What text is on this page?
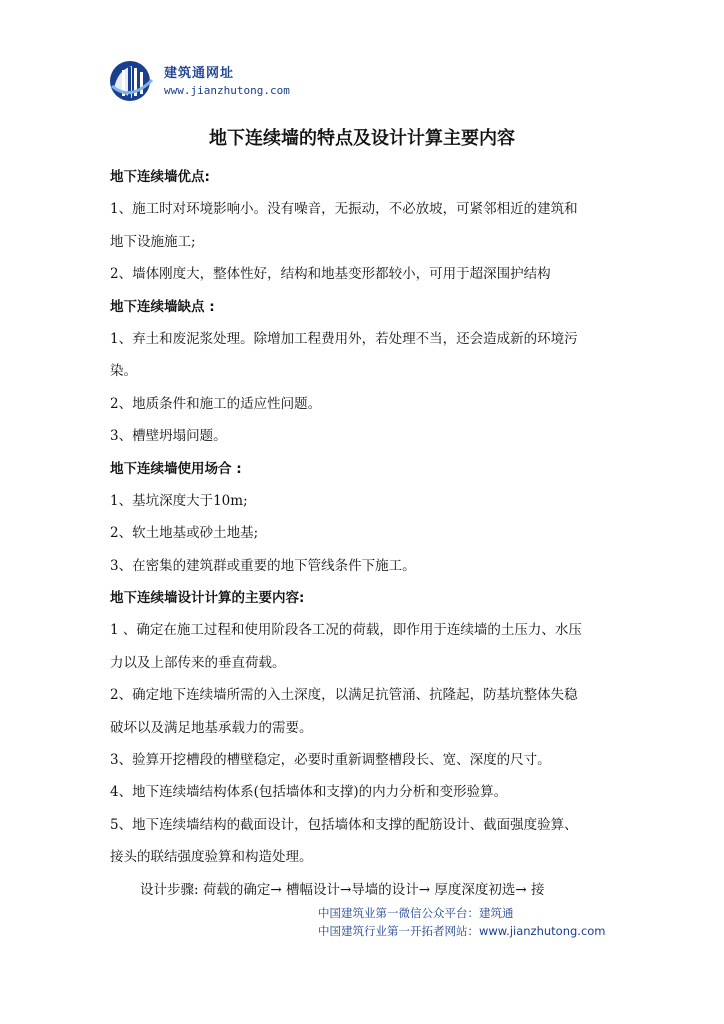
建筑通网址
www.jianzhutong.com
地下连续墙的特点及设计计算主要内容
地下连续墙优点:
1、施工时对环境影响小。没有噪音，无振动，不必放坡，可紧邻相近的建筑和
地下设施施工;
2、墙体刚度大，整体性好，结构和地基变形都较小，可用于超深围护结构
地下连续墙缺点 :
1、弃土和废泥浆处理。除增加工程费用外，若处理不当，还会造成新的环境污
染。
2、地质条件和施工的适应性问题。
3、槽壁坍塌问题。
地下连续墙使用场合 :
1、基坑深度大于10m;
2、软土地基或砂土地基;
3、在密集的建筑群或重要的地下管线条件下施工。
地下连续墙设计计算的主要内容:
1 、确定在施工过程和使用阶段各工况的荷载，即作用于连续墙的土压力、水压
力以及上部传来的垂直荷载。
2、确定地下连续墙所需的入土深度，以满足抗管涌、抗隆起，防基坑整体失稳
破坏以及满足地基承载力的需要。
3、验算开挖槽段的槽壁稳定，必要时重新调整槽段长、宽、深度的尺寸。
4、地下连续墙结构体系(包括墙体和支撑)的内力分析和变形验算。
5、地下连续墙结构的截面设计，包括墙体和支撑的配筋设计、截面强度验算、
接头的联结强度验算和构造处理。
设计步骤: 荷载的确定→ 槽幅设计→导墙的设计→ 厚度深度初选→ 接
中国建筑业第一微信公众平台：建筑通
中国建筑行业第一开拓者网站：www.jianzhutong.com
